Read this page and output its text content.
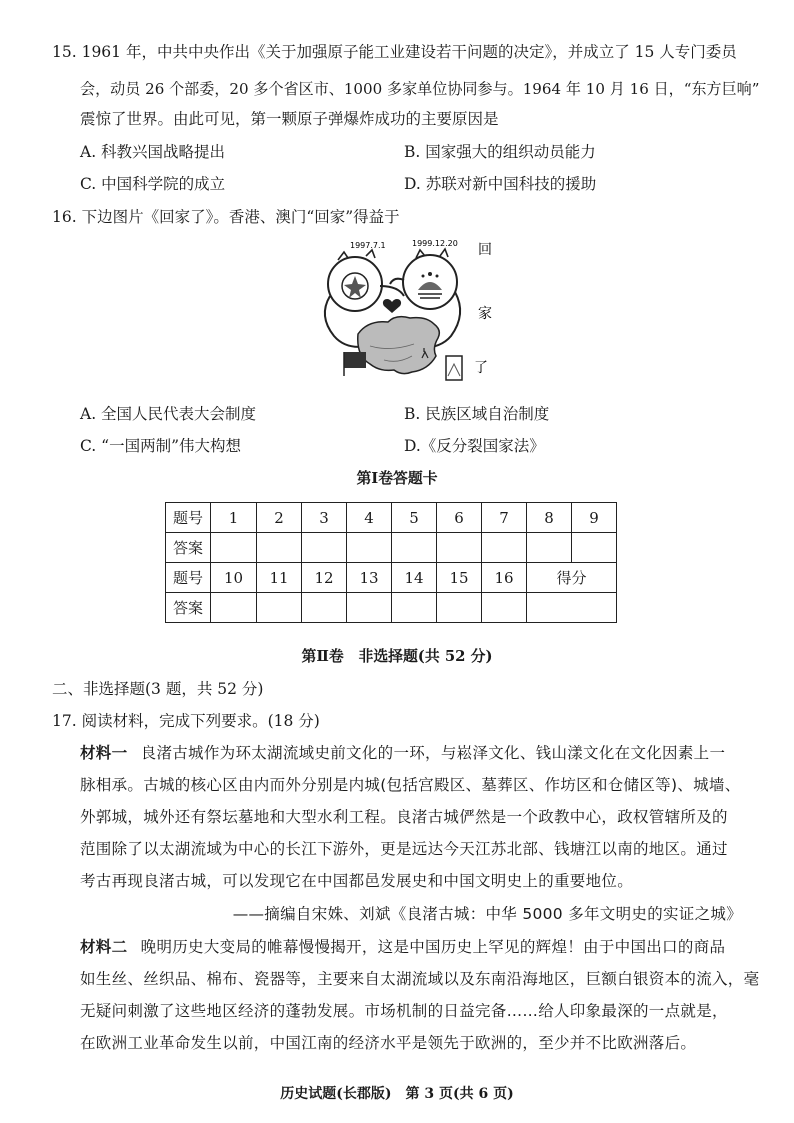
15. 1961 年，中共中央作出《关于加强原子能工业建设若干问题的决定》，并成立了 15 人专门委员
会，动员 26 个部委，20 多个省区市、1000 多家单位协同参与。1964 年 10 月 16 日，“东方巨响”
震惊了世界。由此可见，第一颗原子弹爆炸成功的主要原因是
A. 科教兴国战略提出	B. 国家强大的组织动员能力
C. 中国科学院的成立	D. 苏联对新中国科技的援助
16. 下边图片《回家了》。香港、澳门“回家”得益于
1997.7.1	1999.12.20 回
家
了
A. 全国人民代表大会制度	B. 民族区域自治制度
C. “一国两制”伟大构想	D.《反分裂国家法》
第Ⅰ卷答题卡
题号	1	2	3	4	5	6	7	8	9
答案									
题号	10	11	12	13	14	15	16	得分	
答案									
第Ⅱ卷　非选择题(共 52 分)
二、非选择题(3 题，共 52 分)
17. 阅读材料，完成下列要求。(18 分)
材料一 良渚古城作为环太湖流域史前文化的一环，与崧泽文化、钱山漾文化在文化因素上一
脉相承。古城的核心区由内而外分别是内城(包括宫殿区、墓葬区、作坊区和仓储区等)、城墙、
外郭城，城外还有祭坛墓地和大型水利工程。良渚古城俨然是一个政教中心，政权管辖所及的
范围除了以太湖流域为中心的长江下游外，更是远达今天江苏北部、钱塘江以南的地区。通过
考古再现良渚古城，可以发现它在中国都邑发展史和中国文明史上的重要地位。
——摘编自宋姝、刘斌《良渚古城：中华 5000 多年文明史的实证之城》
材料二 晚明历史大变局的帷幕慢慢揭开，这是中国历史上罕见的辉煌！由于中国出口的商品
如生丝、丝织品、棉布、瓷器等，主要来自太湖流域以及东南沿海地区，巨额白银资本的流入，毫
无疑问刺激了这些地区经济的蓬勃发展。市场机制的日益完备……给人印象最深的一点就是，
在欧洲工业革命发生以前，中国江南的经济水平是领先于欧洲的，至少并不比欧洲落后。
历史试题(长郡版)　第 3 页(共 6 页)
